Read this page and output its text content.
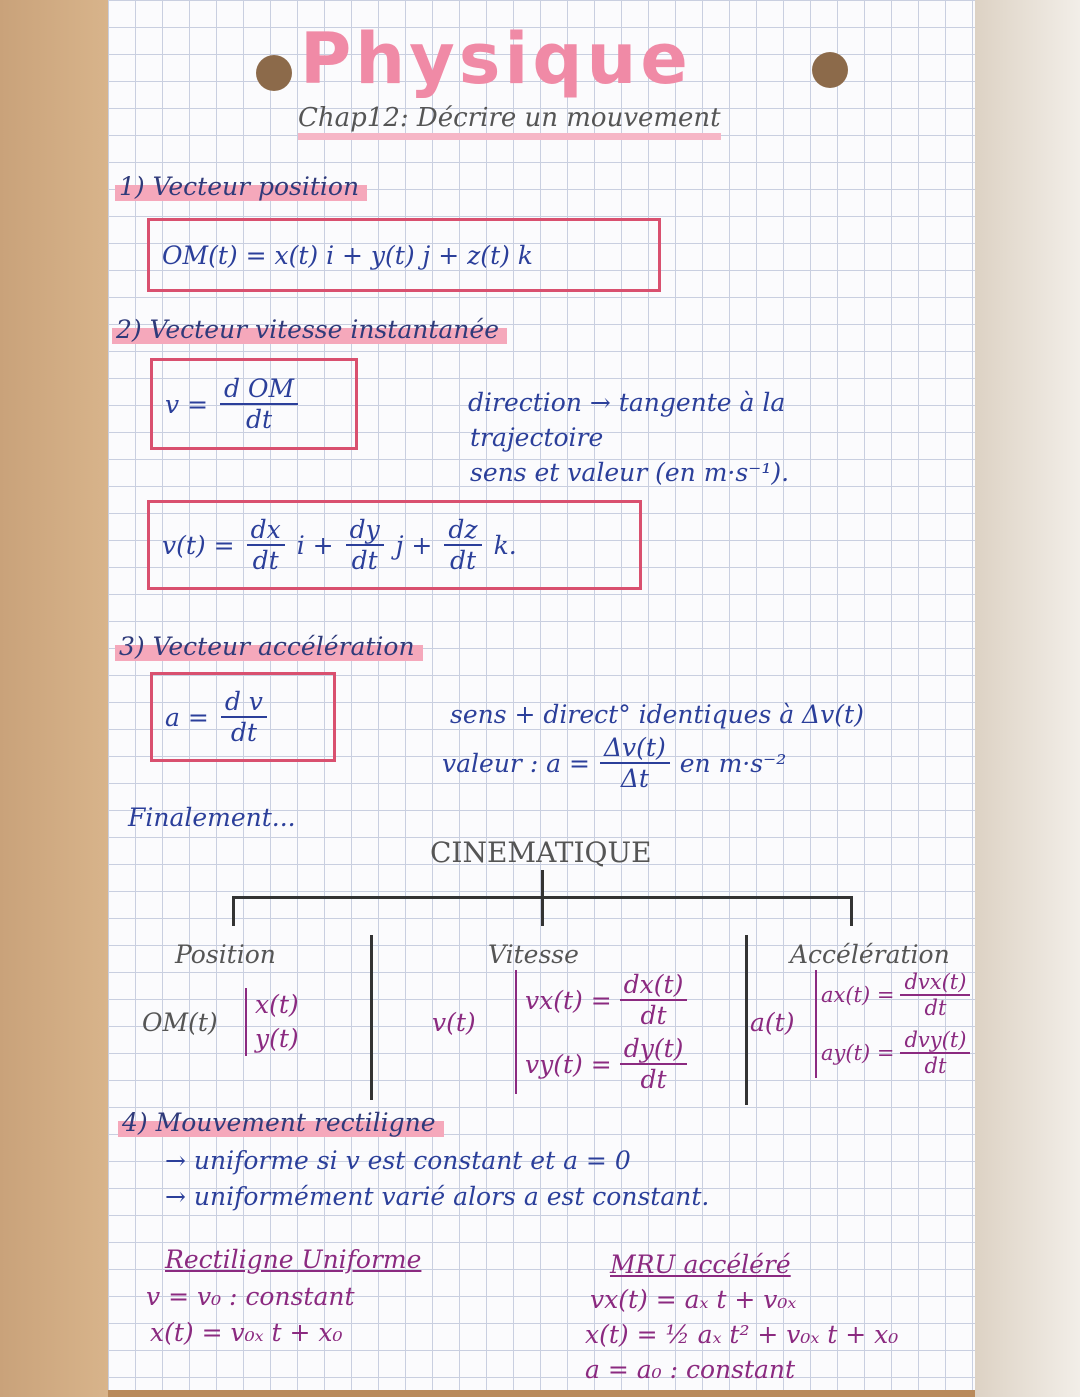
Physique
Chap12: Décrire un mouvement
1) Vecteur position
OM(t) = x(t) i + y(t) j + z(t) k
2) Vecteur vitesse instantanée
$v = \frac{\text{d OM}}{dt}$	direction → tangente à la
trajectoire
sens et valeur (en m·s⁻¹).
$v(t) = \frac{dx}{dt}$ $i + \frac{dy}{dt}$ $j + \frac{dz}{dt} k$.
3) Vecteur accélération
$a = \frac{\text{d v}}{dt}$	sens + direct° identiques à Δv(t)
valeur : $a = \frac{\Delta v(t)}{\Delta t}$ en m·s⁻²
Finalement...
CINEMATIQUE
Position
OM(t)
x(t)
y(t)
Vitesse
v(t)
$vx(t) = \frac{dx(t)}{dt}$
$vy(t) = \frac{dy(t)}{dt}$
Accélération
a(t)
$ax(t) = \frac{\text{dvx(t)}}{dt}$
$ay(t) = \frac{\text{dvy(t)}}{dt}$
4) Mouvement rectiligne
→ uniforme si v est constant et a = 0
→ uniformément varié alors a est constant.
Rectiligne Uniforme
v = v₀ : constant
x(t) = v₀ₓ t + x₀
MRU accéléré
vx(t) = aₓ t + v₀ₓ
x(t) = ½ aₓ t² + v₀ₓ t + x₀
a = a₀ : constant
